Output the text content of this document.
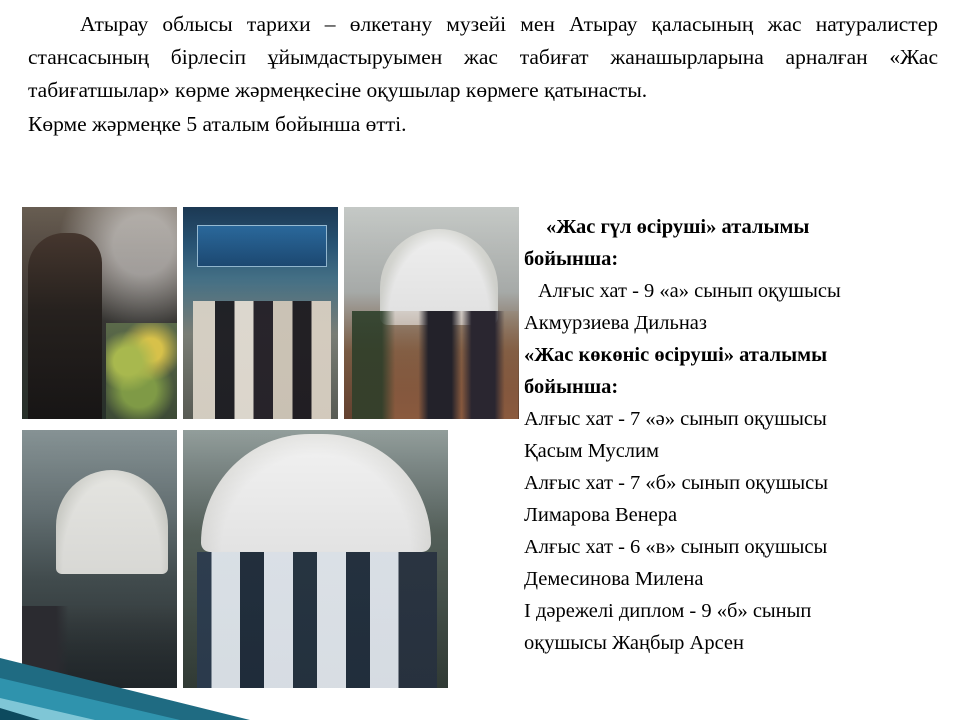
Атырау облысы тарихи – өлкетану музейі мен Атырау қаласының жас натуралистер стансасының бірлесіп ұйымдастыруымен жас табиғат жанашырларына арналған «Жас табиғатшылар» көрме жәрмеңкесіне оқушылар көрмеге қатынасты.

Көрме жәрмеңке 5 аталым бойынша өтті.

«Жас гүл өсіруші» аталымы

бойынша:

Алғыс хат - 9 «а» сынып оқушысы

Акмурзиева Дильназ

«Жас көкөніс өсіруші» аталымы

бойынша:

Алғыс хат - 7 «ә» сынып оқушысы

Қасым Муслим

Алғыс хат - 7 «б» сынып оқушысы

Лимарова Венера

Алғыс хат - 6 «в» сынып оқушысы

Демесинова Милена

І дәрежелі диплом - 9 «б» сынып

оқушысы Жаңбыр Арсен
